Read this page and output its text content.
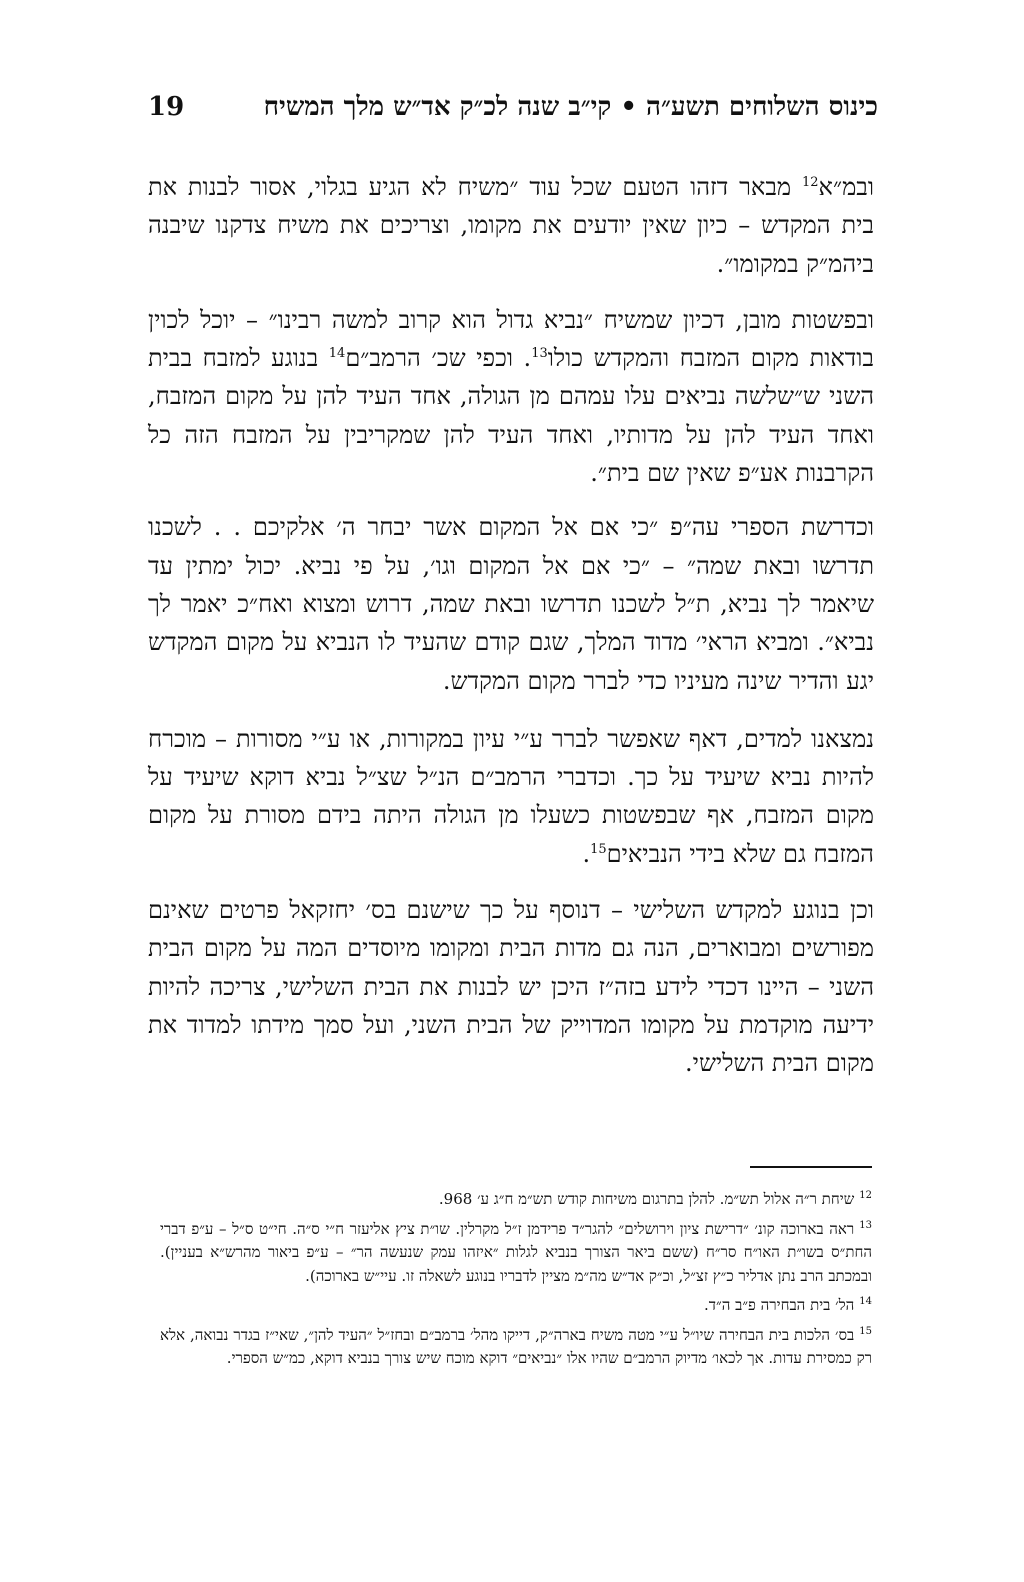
19	כינוס השלוחים תשע״ה • קי״ב שנה לכ״ק אד״ש מלך המשיח

ובמ״א$^{12}$ מבאר דזהו הטעם שכל עוד ״משיח לא הגיע בגלוי, אסור לבנות את בית המקדש – כיון שאין יודעים את מקומו, וצריכים את משיח צדקנו שיבנה ביהמ״ק במקומו״.

ובפשטות מובן, דכיון שמשיח ״נביא גדול הוא קרוב למשה רבינו״ – יוכל לכוין בודאות מקום המזבח והמקדש כולו$^{13}$. וכפי שכ׳ הרמב״ם$^{14}$ בנוגע למזבח בבית השני ש״שלשה נביאים עלו עמהם מן הגולה, אחד העיד להן על מקום המזבח, ואחד העיד להן על מדותיו, ואחד העיד להן שמקריבין על המזבח הזה כל הקרבנות אע״פ שאין שם בית״.

וכדרשת הספרי עה״פ ״כי אם אל המקום אשר יבחר ה׳ אלקיכם . . לשכנו תדרשו ובאת שמה״ – ״כי אם אל המקום וגו׳, על פי נביא. יכול ימתין עד שיאמר לך נביא, ת״ל לשכנו תדרשו ובאת שמה, דרוש ומצוא ואח״כ יאמר לך נביא״. ומביא הראי׳ מדוד המלך, שגם קודם שהעיד לו הנביא על מקום המקדש יגע והדיר שינה מעיניו כדי לברר מקום המקדש.

נמצאנו למדים, דאף שאפשר לברר ע״י עיון במקורות, או ע״י מסורות – מוכרח להיות נביא שיעיד על כך. וכדברי הרמב״ם הנ״ל שצ״ל נביא דוקא שיעיד על מקום המזבח, אף שבפשטות כשעלו מן הגולה היתה בידם מסורת על מקום המזבח גם שלא בידי הנביאים$^{15}$.

וכן בנוגע למקדש השלישי – דנוסף על כך שישנם בס׳ יחזקאל פרטים שאינם מפורשים ומבוארים, הנה גם מדות הבית ומקומו מיוסדים המה על מקום הבית השני – היינו דכדי לידע בזה״ז היכן יש לבנות את הבית השלישי, צריכה להיות ידיעה מוקדמת על מקומו המדוייק של הבית השני, ועל סמך מידתו למדוד את מקום הבית השלישי.

$^{12}$שיחת ר״ה אלול תש״מ. להלן בתרגום משיחות קודש תש״מ ח״ג ע׳ 968.

$^{13}$ראה בארוכה קונ׳ ״דרישת ציון וירושלים״ להגר״ד פרידמן ז״ל מקרלין. שו״ת ציץ אליעזר ח״י ס״ה. חי״ט ס״ל – ע״פ דברי החת״ס בשו״ת האו״ח סר״ח (ששם ביאר הצורך בנביא לגלות ״איזהו עמק שנעשה הר״ – ע״פ ביאור מהרש״א בעניין). ובמכתב הרב נתן אדליר כ״ץ זצ״ל, וכ״ק אד״ש מה״מ מציין לדבריו בנוגע לשאלה זו. עיי״ש בארוכה).

$^{14}$הל׳ בית הבחירה פ״ב ה״ד.

$^{15}$בס׳ הלכות בית הבחירה שיו״ל ע״י מטה משיח בארה״ק, דייקו מהל׳ ברמב״ם ובחז״ל ״העיד להן״, שאי״ז בגדר נבואה, אלא רק כמסירת עדות. אך לכאו׳ מדיוק הרמב״ם שהיו אלו ״נביאים״ דוקא מוכח שיש צורך בנביא דוקא, כמ״ש הספרי.
